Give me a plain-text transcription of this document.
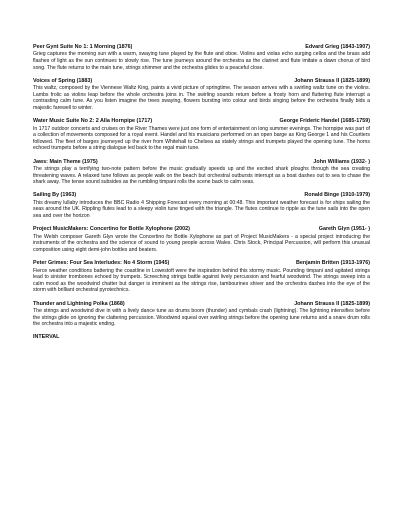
Peer Gynt Suite No 1: 1 Morning (1876)	Edvard Grieg (1843-1907)

Grieg captures the morning sun with a warm, swaying tune played by the flute and oboe. Violins and violas echo surging cellos and the brass add flashes of light as the sun continues to slowly rise. The tune journeys around the orchestra as the clarinet and flute imitate a dawn chorus of bird song. The flute returns to the main tune, strings shimmer and the orchestra glides to a peaceful close.

Voices of Spring (1883)	Johann Strauss II (1825-1899)

This waltz, composed by the Viennese Waltz King, paints a vivid picture of springtime. The season arrives with a swirling waltz tune on the violins. Lambs frolic as violins leap before the whole orchestra joins in. The swirling sounds return before a frosty horn and fluttering flute interrupt a contrasting calm tune. As you listen imagine the trees swaying, flowers bursting into colour and birds singing before the orchestra finally bids a majestic farewell to winter.

Water Music Suite No 2: 2 Alla Hornpipe (1717)	George Frideric Handel (1685-1759)

In 1717 outdoor concerts and cruises on the River Thames were just one form of entertainment on long summer evenings. The hornpipe was part of a collection of movements composed for a royal event. Handel and his musicians performed on an open barge as King George 1 and his Courtiers followed. The fleet of barges journeyed up the river from Whitehall to Chelsea as stately strings and trumpets played the opening tune. The horns echoed trumpets before a string dialogue led back to the regal main tune.

Jaws: Main Theme (1975)	John Williams (1932- )

The strings play a terrifying two-note pattern before the music gradually speeds up and the excited shark ploughs through the sea creating threatening waves. A relaxed tune follows as people walk on the beach but orchestral outbursts interrupt as a boat dashes out to sea to chase the shark away. The tense sound subsides as the rumbling timpani rolls the scene back to calm seas.

Sailing By (1963)	Ronald Binge (1910-1979)

This dreamy lullaby introduces the BBC Radio 4 Shipping Forecast every morning at 00:48. This important weather forecast is for ships sailing the seas around the UK. Rippling flutes lead to a sleepy violin tune tinged with the triangle. The flutes continue to ripple as the tune sails into the open sea and over the horizon

Project MusicMakers: Concertino for Bottle Xylophone (2002)	Gareth Glyn (1951- )

The Welsh composer Gareth Glyn wrote the Concertino for Bottle Xylophone as part of Project MusicMakers - a special project introducing the instruments of the orchestra and the science of sound to young people across Wales. Chris Stock, Principal Percussion, will perform this unusual composition using eight demi-john bottles and beaters.

Peter Grimes: Four Sea Interludes: No 4 Storm (1945)	Benjamin Britten (1913-1976)

Fierce weather conditions battering the coastline in Lowestoft were the inspiration behind this stormy music. Pounding timpani and agitated strings lead to sinister trombones echoed by trumpets. Screeching strings battle against lively percussion and fearful woodwind. The strings sweep into a calm mood as the woodwind chatter but danger is imminent as the strings rise, tambourines shiver and the orchestra dashes into the eye of the storm with brilliant orchestral pyrotechnics.

Thunder and Lightning Polka (1868)	Johann Strauss II (1825-1899)

The strings and woodwind dive in with a lively dance tune as drums boom (thunder) and cymbals crash (lightning). The lightning intensifies before the strings glide on ignoring the clattering percussion. Woodwind squeal over swirling strings before the opening tune returns and a snare drum rolls the orchestra into a majestic ending.

INTERVAL
